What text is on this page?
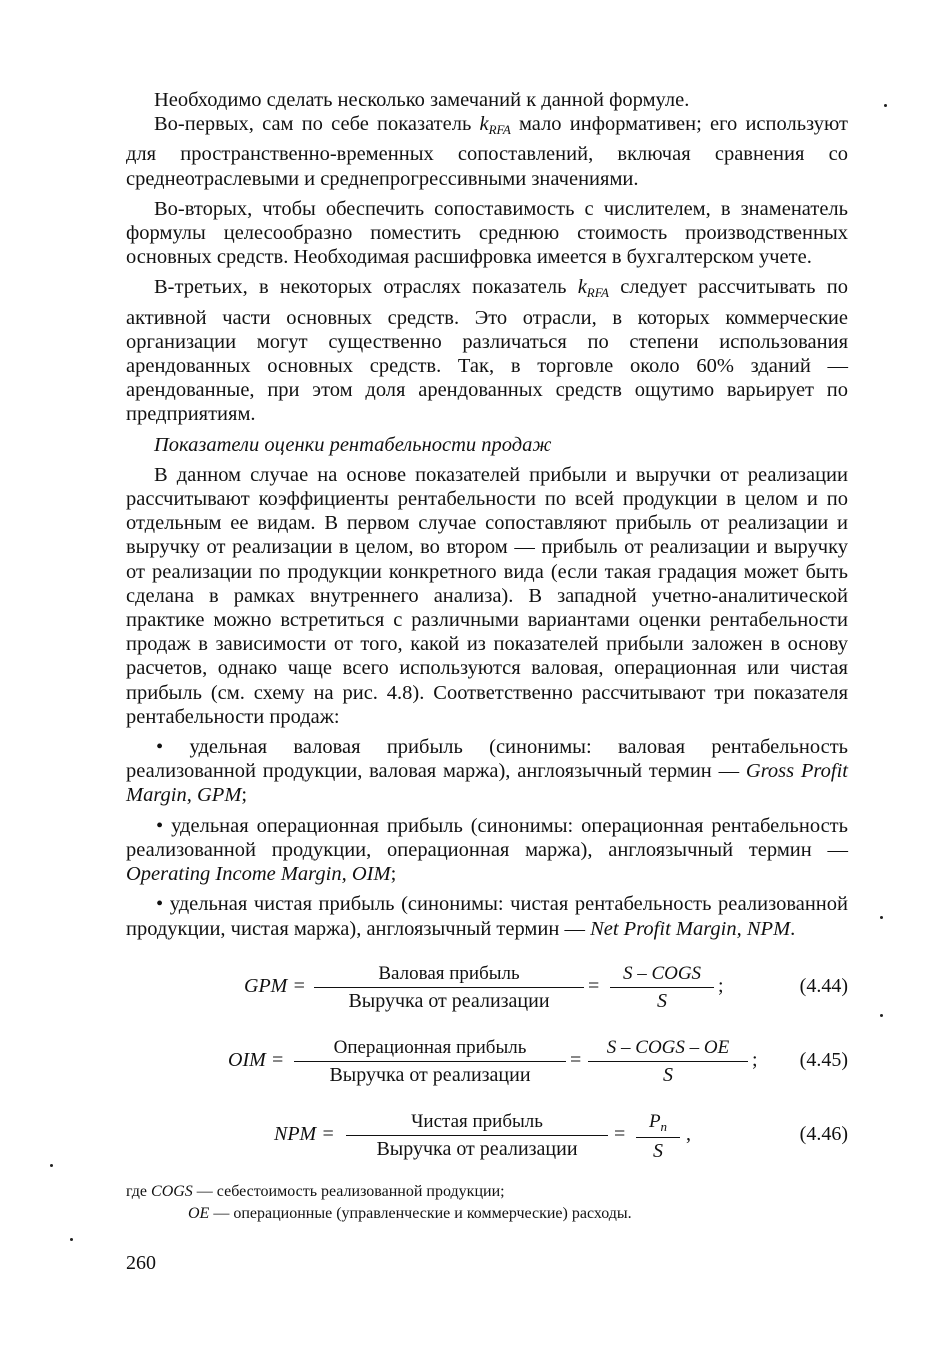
Необходимо сделать несколько замечаний к данной формуле.

Во-первых, сам по себе показатель $k_{RFA}$ мало информативен; его используют для пространственно-временных сопоставлений, включая сравнения со среднеотраслевыми и среднепрогрессивными значениями.

Во-вторых, чтобы обеспечить сопоставимость с числителем, в знаменатель формулы целесообразно поместить среднюю стоимость производственных основных средств. Необходимая расшифровка имеется в бухгалтерском учете.

В-третьих, в некоторых отраслях показатель $k_{RFA}$ следует рассчитывать по активной части основных средств. Это отрасли, в которых коммерческие организации могут существенно различаться по степени использования арендованных основных средств. Так, в торговле около 60% зданий — арендованные, при этом доля арендованных средств ощутимо варьирует по предприятиям.

Показатели оценки рентабельности продаж

В данном случае на основе показателей прибыли и выручки от реализации рассчитывают коэффициенты рентабельности по всей продукции в целом и по отдельным ее видам. В первом случае сопоставляют прибыль от реализации и выручку от реализации в целом, во втором — прибыль от реализации и выручку от реализации по продукции конкретного вида (если такая градация может быть сделана в рамках внутреннего анализа). В западной учетно-аналитической практике можно встретиться с различными вариантами оценки рентабельности продаж в зависимости от того, какой из показателей прибыли заложен в основу расчетов, однако чаще всего используются валовая, операционная или чистая прибыль (см. схему на рис. 4.8). Соответственно рассчитывают три показателя рентабельности продаж:

• удельная валовая прибыль (синонимы: валовая рентабельность реализованной продукции, валовая маржа), англоязычный термин — Gross Profit Margin, GPM;

• удельная операционная прибыль (синонимы: операционная рентабельность реализованной продукции, операционная маржа), англоязычный термин — Operating Income Margin, OIM;

• удельная чистая прибыль (синонимы: чистая рентабельность реализованной продукции, чистая маржа), англоязычный термин — Net Profit Margin, NPM.

GPM =
Валовая прибыль
Выручка от реализации
=
S – COGS
S
;	(4.44)
OIM =
Операционная прибыль
Выручка от реализации
=
S – COGS – OE
S
; (4.45)
NPM =
Чистая прибыль
Выручка от реализации
= $\frac{P_n}{S}$ ,	(4.46)
где COGS — себестоимость реализованной продукции;
OE — операционные (управленческие и коммерческие) расходы.
260
